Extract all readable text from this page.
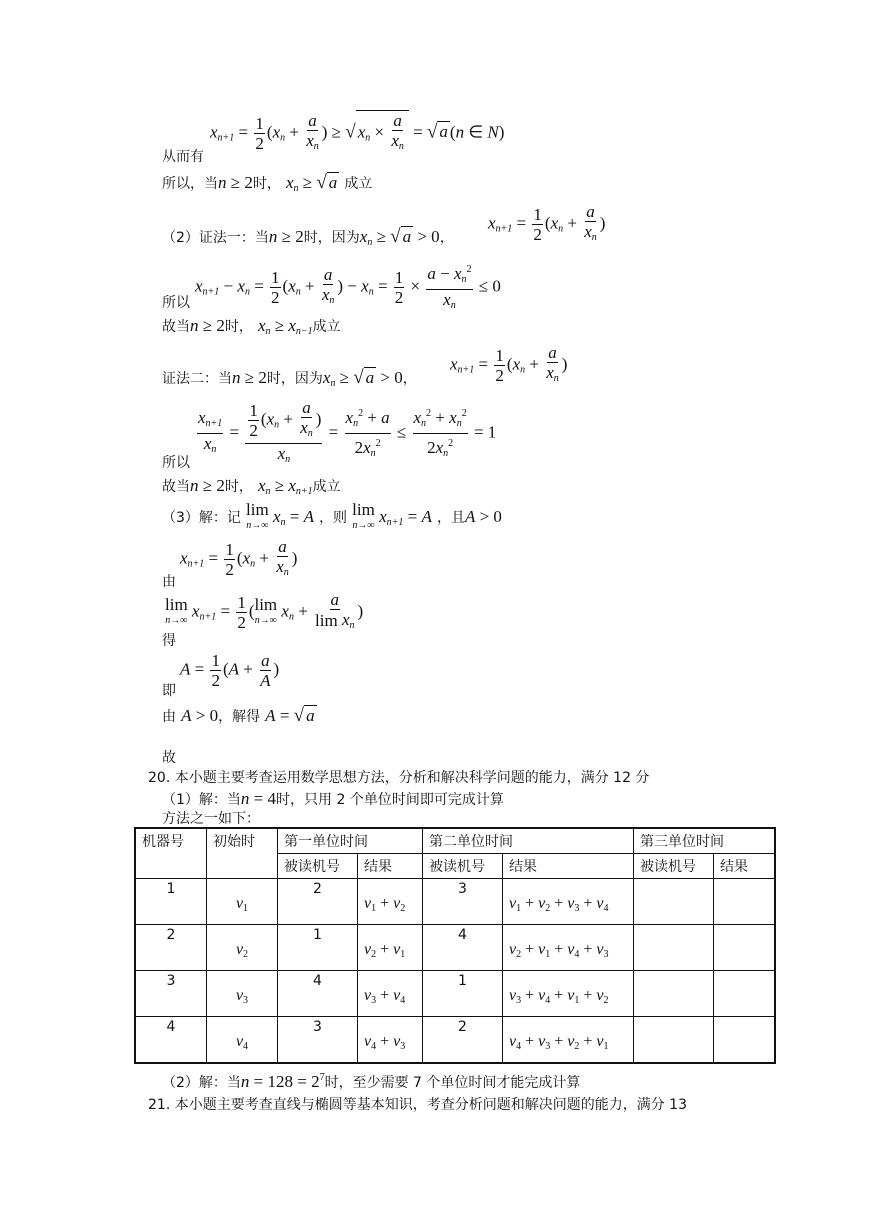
$x_{n+1} = \frac{1}{2} (x_n + \frac{a}{x_n}$ ) ≥ √ $x_n \times \frac{a}{x_n}$ = √ a (n ∈ N)
从而有
所以，当n ≥ 2时， $x_n$ ≥ √ a 成立
（2）证法一：当n ≥ 2时，因为$x_n$ ≥ √ a > 0，
$x_{n+1} = \frac{1}{2} (x_n + \frac{a}{x_n}$ )
$x_{n+1} - x_n = \frac{1}{2} (x_n + \frac{a}{x_n}$ ) − $x_n = \frac{1}{2} \times \frac{a - x_n^2}{x_n} \le 0$
所以
故当n ≥ 2时， $x_n \ge x_{n-1}$成立
证法二：当n ≥ 2时，因为$x_n$ ≥ √ a > 0，
$x_{n+1} = \frac{1}{2} (x_n + \frac{a}{x_n}$ )
$\frac{x_{n+1}}{x_n} = \frac{\frac{1}{2} (x_n + \frac{a}{x_n} )}{x_n} = \frac{x_n^2 + a}{2x_n^2} \le \frac{x_n^2 + x_n^2}{2x_n^2} = 1$
所以
故当n ≥ 2时， $x_n \ge x_{n+1}$成立
（3）解：记 lim
n→∞ $x_n = A$ ，则 lim
n→∞ $x_{n+1} = A$ ，且A > 0
$x_{n+1} = \frac{1}{2} (x_n + \frac{a}{x_n}$ )
由
lim
n→∞ $x_{n+1} = \frac{1}{2}$ ( lim
n→∞ $x_n + \frac{a}{\lim x_n}$ )
得
$A = \frac{1}{2} (A + \frac{a}{A}$ )
即
由 A > 0，解得 A = √ a
故
20. 本小题主要考查运用数学思想方法，分析和解决科学问题的能力，满分 12 分
（1）解：当n = 4时，只用 2 个单位时间即可完成计算
方法之一如下：
机器号	初始时	第一单位时间		第二单位时间		第三单位时间	
		被读机号	结果	被读机号	结果	被读机号	结果
1	v1	2	v1 + v2	3	v1 + v2 + v3 + v4		

2	v2	1	v2 + v1	4	v2 + v1 + v4 + v3		

3	v3	4	v3 + v4	1	v3 + v4 + v1 + v2		

4	v4	3	v4 + v3	2	v4 + v3 + v2 + v1		

（2）解：当$n = 128 = 2^7$时，至少需要 7 个单位时间才能完成计算
21. 本小题主要考查直线与椭圆等基本知识，考查分析问题和解决问题的能力，满分 13
